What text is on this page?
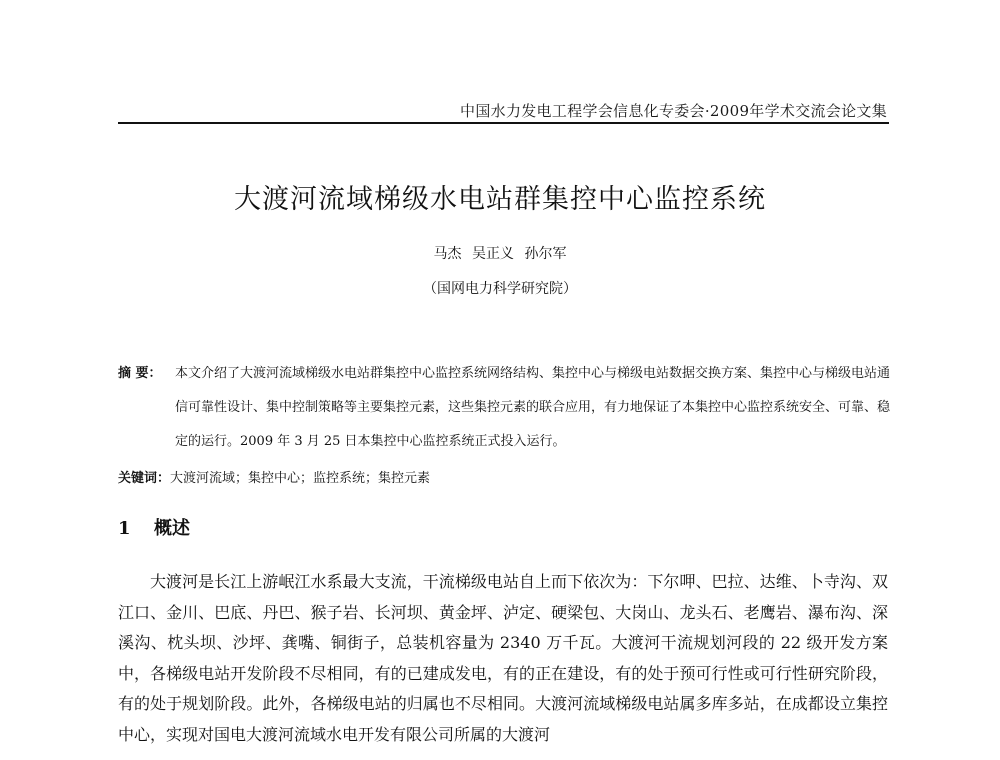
中国水力发电工程学会信息化专委会·2009年学术交流会论文集
大渡河流域梯级水电站群集控中心监控系统
马杰 吴正义 孙尔军
（国网电力科学研究院）
摘 要： 本文介绍了大渡河流域梯级水电站群集控中心监控系统网络结构、集控中心与梯级电站数据交换方案、集控中心与梯级电站通信可靠性设计、集中控制策略等主要集控元素，这些集控元素的联合应用，有力地保证了本集控中心监控系统安全、可靠、稳定的运行。2009 年 3 月 25 日本集控中心监控系统正式投入运行。
关键词：大渡河流域；集控中心；监控系统；集控元素
1 概述
大渡河是长江上游岷江水系最大支流，干流梯级电站自上而下依次为：下尔呷、巴拉、达维、卜寺沟、双江口、金川、巴底、丹巴、猴子岩、长河坝、黄金坪、泸定、硬梁包、大岗山、龙头石、老鹰岩、瀑布沟、深溪沟、枕头坝、沙坪、龚嘴、铜街子，总装机容量为 2340 万千瓦。大渡河干流规划河段的 22 级开发方案中，各梯级电站开发阶段不尽相同，有的已建成发电，有的正在建设，有的处于预可行性或可行性研究阶段，有的处于规划阶段。此外，各梯级电站的归属也不尽相同。大渡河流域梯级电站属多库多站，在成都设立集控中心，实现对国电大渡河流域水电开发有限公司所属的大渡河
